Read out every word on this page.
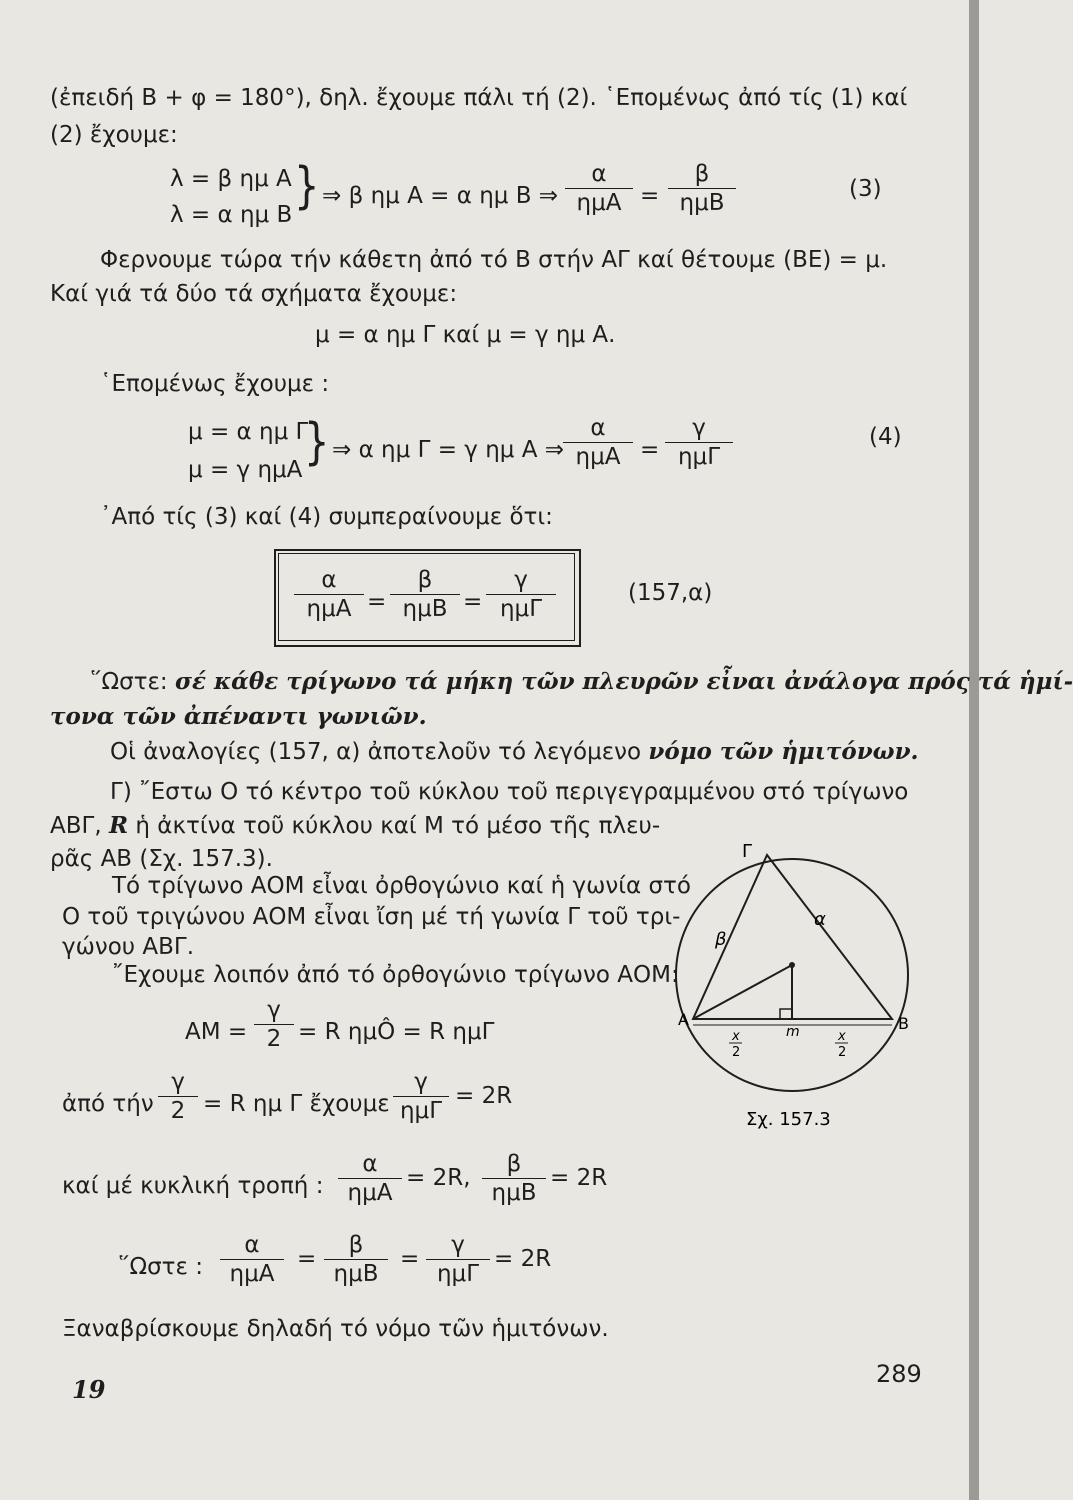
(ἐπειδή Β + φ = 180°), δηλ. ἔχουμε πάλι τή (2). ῾Επομένως ἀπό τίς (1) καί
(2) ἔχουμε:
λ = β ημ Α
λ = α ημ Β
} ⇒ β ημ Α = α ημ Β ⇒
α
ημΑ =
β
ημΒ
(3)
Φερνουμε τώρα τήν κάθετη ἀπό τό Β στήν ΑΓ καί θέτουμε (ΒΕ) = μ.
Καί γιά τά δύο τά σχήματα ἔχουμε:
μ = α ημ Γ καί μ = γ ημ Α.
῾Επομένως ἔχουμε :
μ = α ημ Γ
μ = γ ημΑ } ⇒ α ημ Γ = γ ημ Α ⇒
α
ημΑ =
γ
ημΓ
(4)
᾿Από τίς (3) καί (4) συμπεραίνουμε ὅτι:
α
ημΑ =
β
ημΒ =
γ
ημΓ
(157,α)
῞Ωστε: σέ κάθε τρίγωνο τά μήκη τῶν πλευρῶν εἶναι ἀνάλογα πρός τά ἡμί-
τονα τῶν ἀπέναντι γωνιῶν.
Οἱ ἀναλογίες (157, α) ἀποτελοῦν τό λεγόμενο νόμο τῶν ἡμιτόνων.
Γ) ῎Εστω Ο τό κέντρο τοῦ κύκλου τοῦ περιγεγραμμένου στό τρίγωνο
ΑΒΓ, R ἡ ἀκτίνα τοῦ κύκλου καί Μ τό μέσο τῆς πλευ-
ρᾶς ΑΒ (Σχ. 157.3).
Τό τρίγωνο ΑΟΜ εἶναι ὀρθογώνιο καί ἡ γωνία στό
Ο τοῦ τριγώνου ΑΟΜ εἶναι ἴση μέ τή γωνία Γ τοῦ τρι-
γώνου ΑΒΓ.
῎Εχουμε λοιπόν ἀπό τό ὀρθογώνιο τρίγωνο ΑΟΜ:
$AM = \frac{\gamma}{2} = R$ ημÔ = R ημΓ
ἀπό τήν $\frac{\gamma}{2} = R$ ημ Γ ἔχουμε
γ
ημΓ
= 2R
καί μέ κυκλική τροπή :
α
ημΑ
= 2R,
β
ημΒ
= 2R
῞Ωστε :
α
ημΑ
=
β
ημΒ
=
γ
ημΓ
= 2R
Ξαναβρίσκουμε δηλαδή τό νόμο τῶν ἡμιτόνων.
19
289
Γ
Α	Β
m
β
α
x
2
x
2
Σχ. 157.3
